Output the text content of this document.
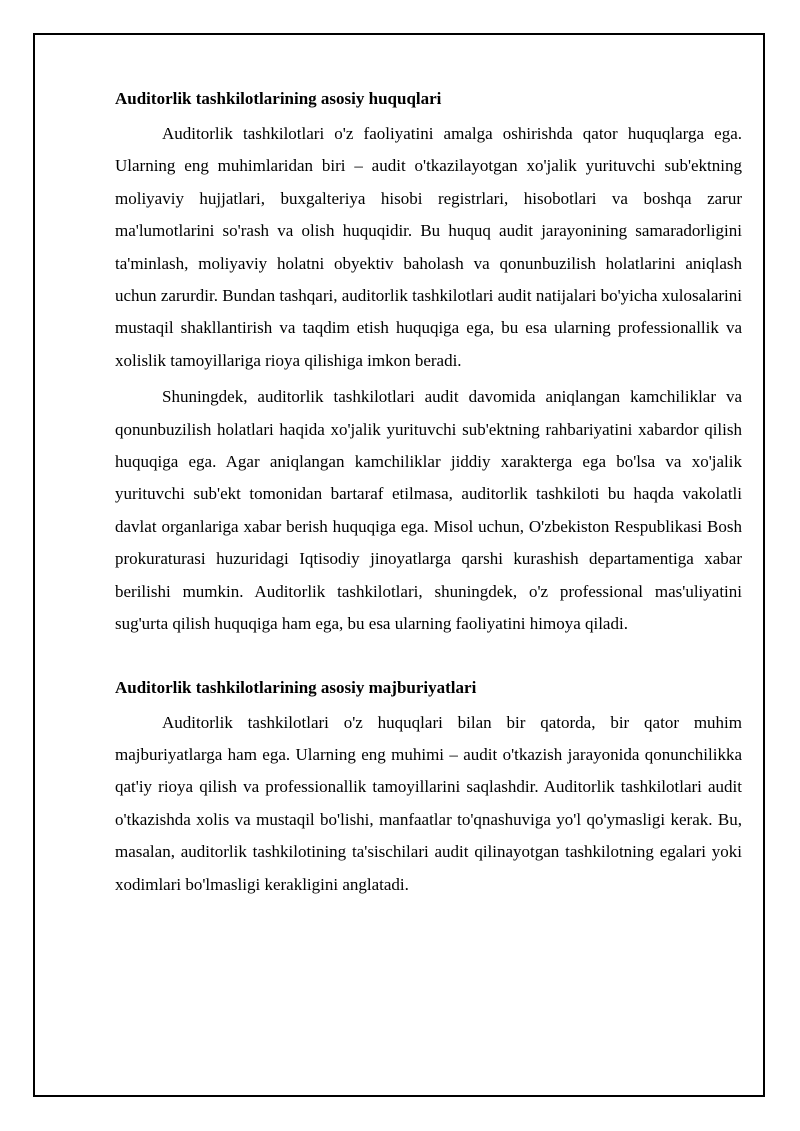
Auditorlik tashkilotlarining asosiy huquqlari

Auditorlik tashkilotlari o'z faoliyatini amalga oshirishda qator huquqlarga ega. Ularning eng muhimlaridan biri – audit o'tkazilayotgan xo'jalik yurituvchi sub'ektning moliyaviy hujjatlari, buxgalteriya hisobi registrlari, hisobotlari va boshqa zarur ma'lumotlarini so'rash va olish huquqidir. Bu huquq audit jarayonining samaradorligini ta'minlash, moliyaviy holatni obyektiv baholash va qonunbuzilish holatlarini aniqlash uchun zarurdir. Bundan tashqari, auditorlik tashkilotlari audit natijalari bo'yicha xulosalarini mustaqil shakllantirish va taqdim etish huquqiga ega, bu esa ularning professionallik va xolislik tamoyillariga rioya qilishiga imkon beradi.

Shuningdek, auditorlik tashkilotlari audit davomida aniqlangan kamchiliklar va qonunbuzilish holatlari haqida xo'jalik yurituvchi sub'ektning rahbariyatini xabardor qilish huquqiga ega. Agar aniqlangan kamchiliklar jiddiy xarakterga ega bo'lsa va xo'jalik yurituvchi sub'ekt tomonidan bartaraf etilmasa, auditorlik tashkiloti bu haqda vakolatli davlat organlariga xabar berish huquqiga ega. Misol uchun, O'zbekiston Respublikasi Bosh prokuraturasi huzuridagi Iqtisodiy jinoyatlarga qarshi kurashish departamentiga xabar berilishi mumkin. Auditorlik tashkilotlari, shuningdek, o'z professional mas'uliyatini sug'urta qilish huquqiga ham ega, bu esa ularning faoliyatini himoya qiladi.

Auditorlik tashkilotlarining asosiy majburiyatlari

Auditorlik tashkilotlari o'z huquqlari bilan bir qatorda, bir qator muhim majburiyatlarga ham ega. Ularning eng muhimi – audit o'tkazish jarayonida qonunchilikka qat'iy rioya qilish va professionallik tamoyillarini saqlashdir. Auditorlik tashkilotlari audit o'tkazishda xolis va mustaqil bo'lishi, manfaatlar to'qnashuviga yo'l qo'ymasligi kerak. Bu, masalan, auditorlik tashkilotining ta'sischilari audit qilinayotgan tashkilotning egalari yoki xodimlari bo'lmasligi kerakligini anglatadi.
